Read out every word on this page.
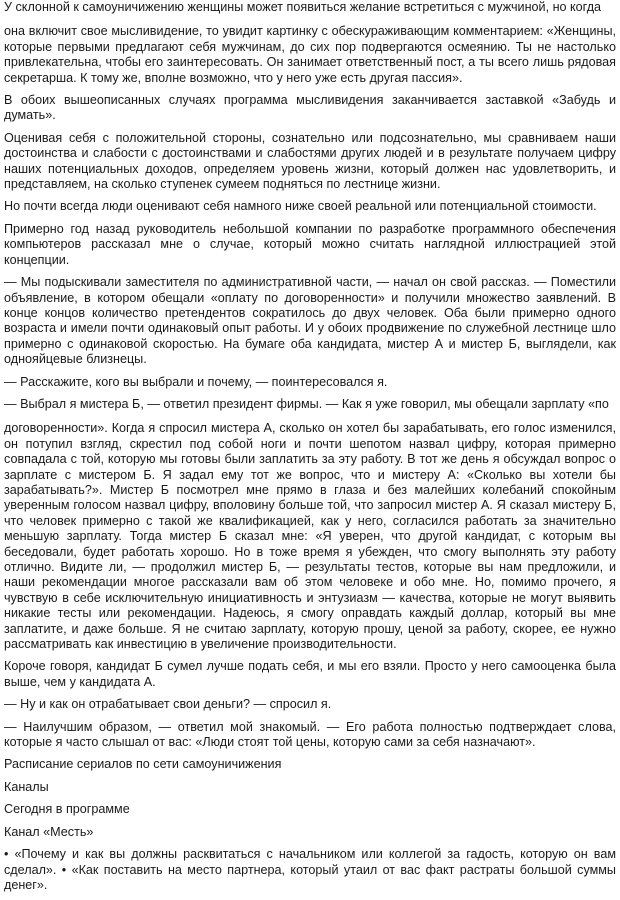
У склонной к самоуничижению женщины может появиться желание встретиться с мужчиной, но когда

она включит свое мысливидение, то увидит картинку с обескураживающим комментарием: «Женщины, которые первыми предлагают себя мужчинам, до сих пор подвергаются осмеянию. Ты не настолько привлекательна, чтобы его заинтересовать. Он занимает ответственный пост, а ты всего лишь рядовая секретарша. К тому же, вполне возможно, что у него уже есть другая пассия».

В обоих вышеописанных случаях программа мысливидения заканчивается заставкой «Забудь и думать».

Оценивая себя с положительной стороны, сознательно или подсознательно, мы сравниваем наши достоинства и слабости с достоинствами и слабостями других людей и в результате получаем цифру наших потенциальных доходов, определяем уровень жизни, который должен нас удовлетворить, и представляем, на сколько ступенек сумеем подняться по лестнице жизни.

Но почти всегда люди оценивают себя намного ниже своей реальной или потенциальной стоимости.

Примерно год назад руководитель небольшой компании по разработке программного обеспечения компьютеров рассказал мне о случае, который можно считать наглядной иллюстрацией этой концепции.

— Мы подыскивали заместителя по административной части, — начал он свой рассказ. — Поместили объявление, в котором обещали «оплату по договоренности» и получили множество заявлений. В конце концов количество претендентов сократилось до двух человек. Оба были примерно одного возраста и имели почти одинаковый опыт работы. И у обоих продвижение по служебной лестнице шло примерно с одинаковой скоростью. На бумаге оба кандидата, мистер А и мистер Б, выглядели, как однояйцевые близнецы.

— Расскажите, кого вы выбрали и почему, — поинтересовался я.

— Выбрал я мистера Б, — ответил президент фирмы. — Как я уже говорил, мы обещали зарплату «по

договоренности». Когда я спросил мистера А, сколько он хотел бы зарабатывать, его голос изменился, он потупил взгляд, скрестил под собой ноги и почти шепотом назвал цифру, которая примерно совпадала с той, которую мы готовы были заплатить за эту работу. В тот же день я обсуждал вопрос о зарплате с мистером Б. Я задал ему тот же вопрос, что и мистеру А: «Сколько вы хотели бы зарабатывать?». Мистер Б посмотрел мне прямо в глаза и без малейших колебаний спокойным уверенным голосом назвал цифру, вполовину больше той, что запросил мистер А. Я сказал мистеру Б, что человек примерно с такой же квалификацией, как у него, согласился работать за значительно меньшую зарплату. Тогда мистер Б сказал мне: «Я уверен, что другой кандидат, с которым вы беседовали, будет работать хорошо. Но в тоже время я убежден, что смогу выполнять эту работу отлично. Видите ли, — продолжил мистер Б, — результаты тестов, которые вы нам предложили, и наши рекомендации многое рассказали вам об этом человеке и обо мне. Но, помимо прочего, я чувствую в себе исключительную инициативность и энтузиазм — качества, которые не могут выявить никакие тесты или рекомендации. Надеюсь, я смогу оправдать каждый доллар, который вы мне заплатите, и даже больше. Я не считаю зарплату, которую прошу, ценой за работу, скорее, ее нужно рассматривать как инвестицию в увеличение производительности.

Короче говоря, кандидат Б сумел лучше подать себя, и мы его взяли. Просто у него самооценка была выше, чем у кандидата А.

— Ну и как он отрабатывает свои деньги? — спросил я.

— Наилучшим образом, — ответил мой знакомый. — Его работа полностью подтверждает слова, которые я часто слышал от вас: «Люди стоят той цены, которую сами за себя назначают».

Расписание сериалов по сети самоуничижения

Каналы

Сегодня в программе

Канал «Месть»

• «Почему и как вы должны расквитаться с начальником или коллегой за гадость, которую он вам сделал». • «Как поставить на место партнера, который утаил от вас факт растраты большой суммы денег».
